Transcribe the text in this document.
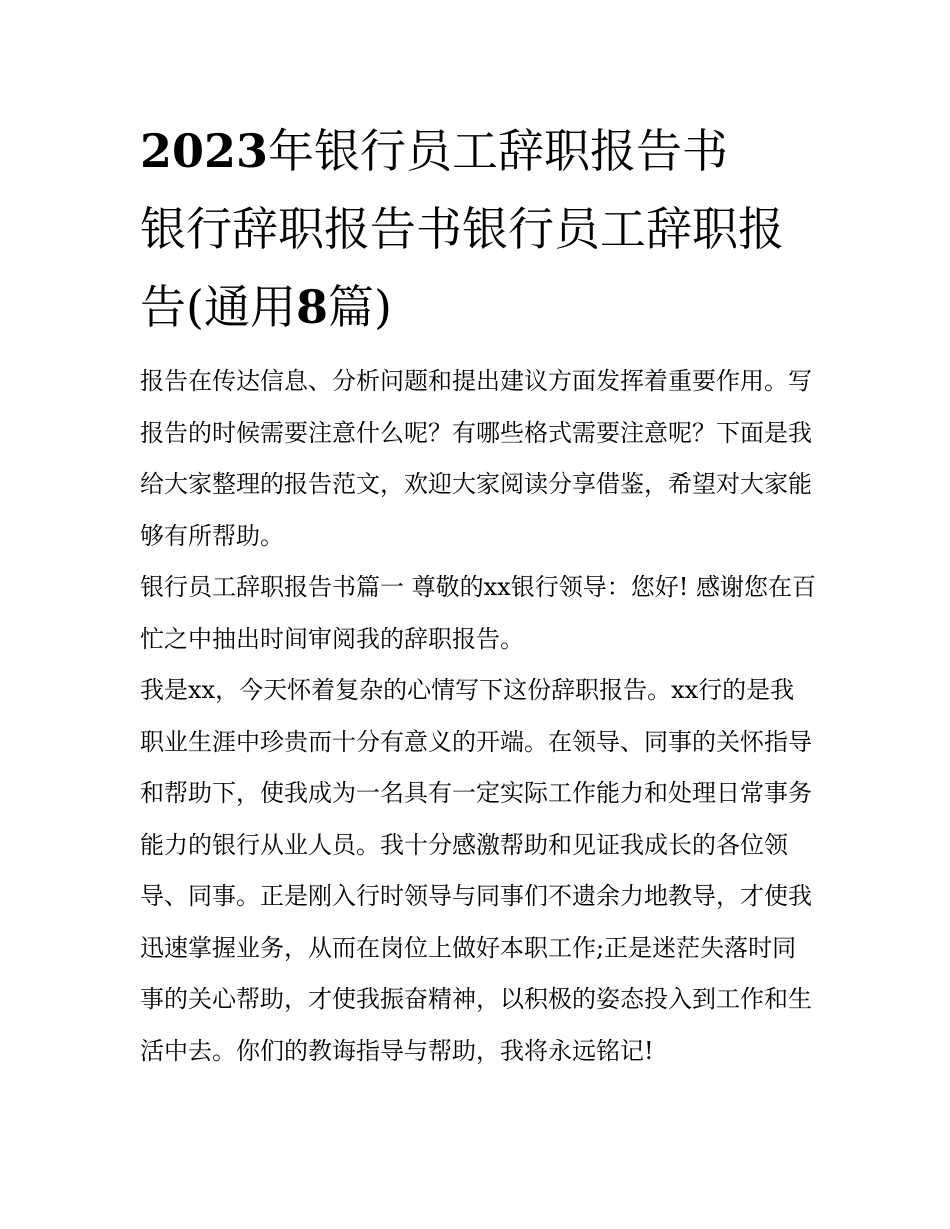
2023年银行员工辞职报告书
银行辞职报告书银行员工辞职报告(通用8篇)

报告在传达信息、分析问题和提出建议方面发挥着重要作用。写报告的时候需要注意什么呢？有哪些格式需要注意呢？下面是我给大家整理的报告范文，欢迎大家阅读分享借鉴，希望对大家能够有所帮助。

银行员工辞职报告书篇一 尊敬的xx银行领导：您好! 感谢您在百忙之中抽出时间审阅我的辞职报告。

我是xx，今天怀着复杂的心情写下这份辞职报告。xx行的是我职业生涯中珍贵而十分有意义的开端。在领导、同事的关怀指导和帮助下，使我成为一名具有一定实际工作能力和处理日常事务能力的银行从业人员。我十分感激帮助和见证我成长的各位领导、同事。正是刚入行时领导与同事们不遗余力地教导，才使我迅速掌握业务，从而在岗位上做好本职工作;正是迷茫失落时同事的关心帮助，才使我振奋精神，以积极的姿态投入到工作和生活中去。你们的教诲指导与帮助，我将永远铭记!
